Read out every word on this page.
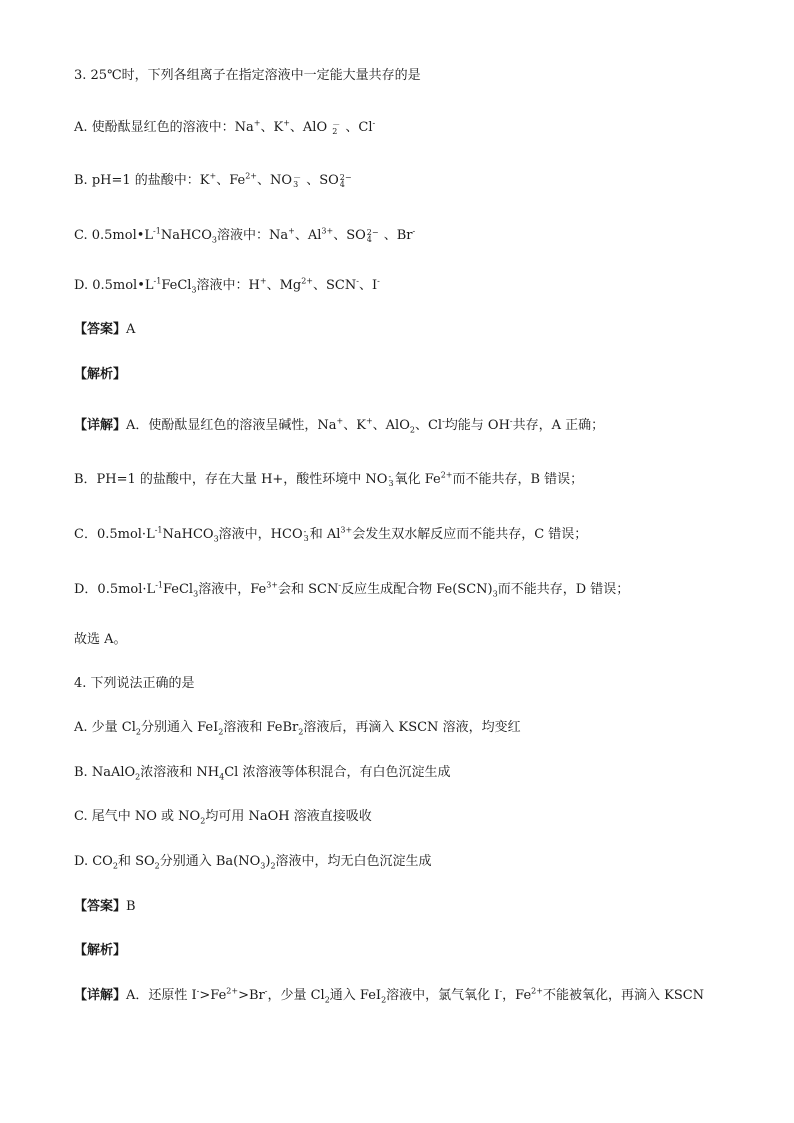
3. 25℃时，下列各组离子在指定溶液中一定能大量共存的是
A. 使酚酞显红色的溶液中：Na+、K+、AlO －
2 、Cl-
B. pH=1 的盐酸中：K+、$Fe^{2+}$、NO －
3 、SO 2−
4
C. $0.5mol•L^{-1}NaHCO_3$溶液中：Na+、$Al^{3+}$、SO 2−
4 、Br-
D. $0.5mol•L^{-1}FeCl_3$溶液中：H+、$Mg^{2+}$、SCN-、I-
【答案】A
【解析】
【详解】A．使酚酞显红色的溶液呈碱性，Na+、K+、AlO$_2$、Cl-均能与 OH-共存，A 正确；
B．PH=1 的盐酸中，存在大量 H+，酸性环境中 NO -
3 氧化 $Fe^{2+}$而不能共存，B 错误；
C．$0.5mol\cdot L^{-1}NaHCO_3$溶液中，HCO -
3 和 $Al^{3+}$会发生双水解反应而不能共存，C 错误；
D．$0.5mol\cdot L^{-1}FeCl_3$溶液中，$Fe^{3+}$会和 SCN-反应生成配合物 $Fe(SCN)_3$而不能共存，D 错误；
故选 A。
4. 下列说法正确的是
A. 少量 $Cl_2$分别通入 FeI$_2$溶液和 FeBr$_2$溶液后，再滴入 KSCN 溶液，均变红
B. NaAlO$_2$浓溶液和 $NH_4Cl$ 浓溶液等体积混合，有白色沉淀生成
C. 尾气中 NO 或 $NO_2$均可用 NaOH 溶液直接吸收
D. $CO_2$和 $SO_2$分别通入 $Ba(NO_3)_2$溶液中，均无白色沉淀生成
【答案】B
【解析】
【详解】A．还原性 $I^->Fe^{2+}>Br^-$，少量 $Cl_2$通入 FeI$_2$溶液中，氯气氧化 I-，$Fe^{2+}$不能被氧化，再滴入 KSCN
